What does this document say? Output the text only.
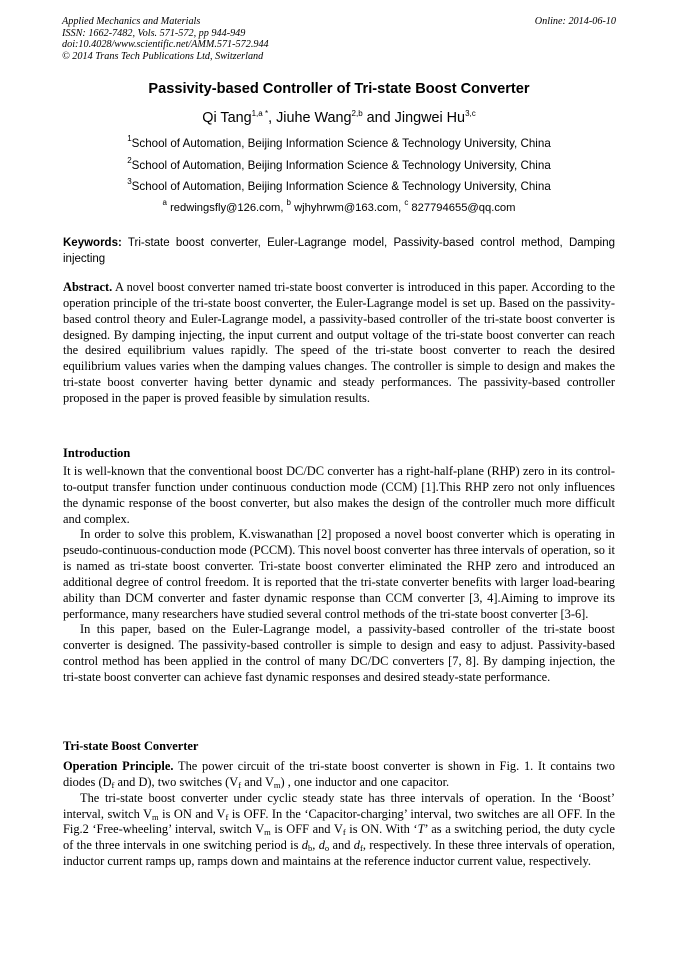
Applied Mechanics and Materials
ISSN: 1662-7482, Vols. 571-572, pp 944-949
doi:10.4028/www.scientific.net/AMM.571-572.944
© 2014 Trans Tech Publications Ltd, Switzerland
Online: 2014-06-10
Passivity-based Controller of Tri-state Boost Converter
Qi Tang$^{1,a *}$, Jiuhe Wang$^{2,b}$ and Jingwei Hu$^{3,c}$
$^1$School of Automation, Beijing Information Science & Technology University, China
$^2$School of Automation, Beijing Information Science & Technology University, China
$^3$School of Automation, Beijing Information Science & Technology University, China
$^a$ redwingsfly@126.com, $^b$ wjhyhrwm@163.com, $^c$ 827794655@qq.com
Keywords: Tri-state boost converter, Euler-Lagrange model, Passivity-based control method, Damping injecting

Abstract. A novel boost converter named tri-state boost converter is introduced in this paper. According to the operation principle of the tri-state boost converter, the Euler-Lagrange model is set up. Based on the passivity-based control theory and Euler-Lagrange model, a passivity-based controller of the tri-state boost converter is designed. By damping injecting, the input current and output voltage of the tri-state boost converter can reach the desired equilibrium values rapidly. The speed of the tri-state boost converter to reach the desired equilibrium values varies when the damping values changes. The controller is simple to design and makes the tri-state boost converter having better dynamic and steady performances. The passivity-based controller proposed in the paper is proved feasible by simulation results.

Introduction

It is well-known that the conventional boost DC/DC converter has a right-half-plane (RHP) zero in its control-to-output transfer function under continuous conduction mode (CCM) [1].This RHP zero not only influences the dynamic response of the boost converter, but also makes the design of the controller much more difficult and complex.

In order to solve this problem, K.viswanathan [2] proposed a novel boost converter which is operating in pseudo-continuous-conduction mode (PCCM). This novel boost converter has three intervals of operation, so it is named as tri-state boost converter. Tri-state boost converter eliminated the RHP zero and introduced an additional degree of control freedom. It is reported that the tri-state converter benefits with larger load-bearing ability than DCM converter and faster dynamic response than CCM converter [3, 4].Aiming to improve its performance, many researchers have studied several control methods of the tri-state boost converter [3-6].

In this paper, based on the Euler-Lagrange model, a passivity-based controller of the tri-state boost converter is designed. The passivity-based controller is simple to design and easy to adjust. Passivity-based control method has been applied in the control of many DC/DC converters [7, 8]. By damping injection, the tri-state boost converter can achieve fast dynamic responses and desired steady-state performance.

Tri-state Boost Converter

Operation Principle. The power circuit of the tri-state boost converter is shown in Fig. 1. It contains two diodes ($D_f$ and D), two switches ($V_f$ and $V_m$) , one inductor and one capacitor.

The tri-state boost converter under cyclic steady state has three intervals of operation. In the ‘Boost’ interval, switch $V_m$ is ON and $V_f$ is OFF. In the ‘Capacitor-charging’ interval, two switches are all OFF. In the Fig.2 ‘Free-wheeling’ interval, switch $V_m$ is OFF and $V_f$ is ON. With ‘T’ as a switching period, the duty cycle of the three intervals in one switching period is $d_b$, $d_o$ and $d_f$, respectively. In these three intervals of operation, inductor current ramps up, ramps down and maintains at the reference inductor current value, respectively.
